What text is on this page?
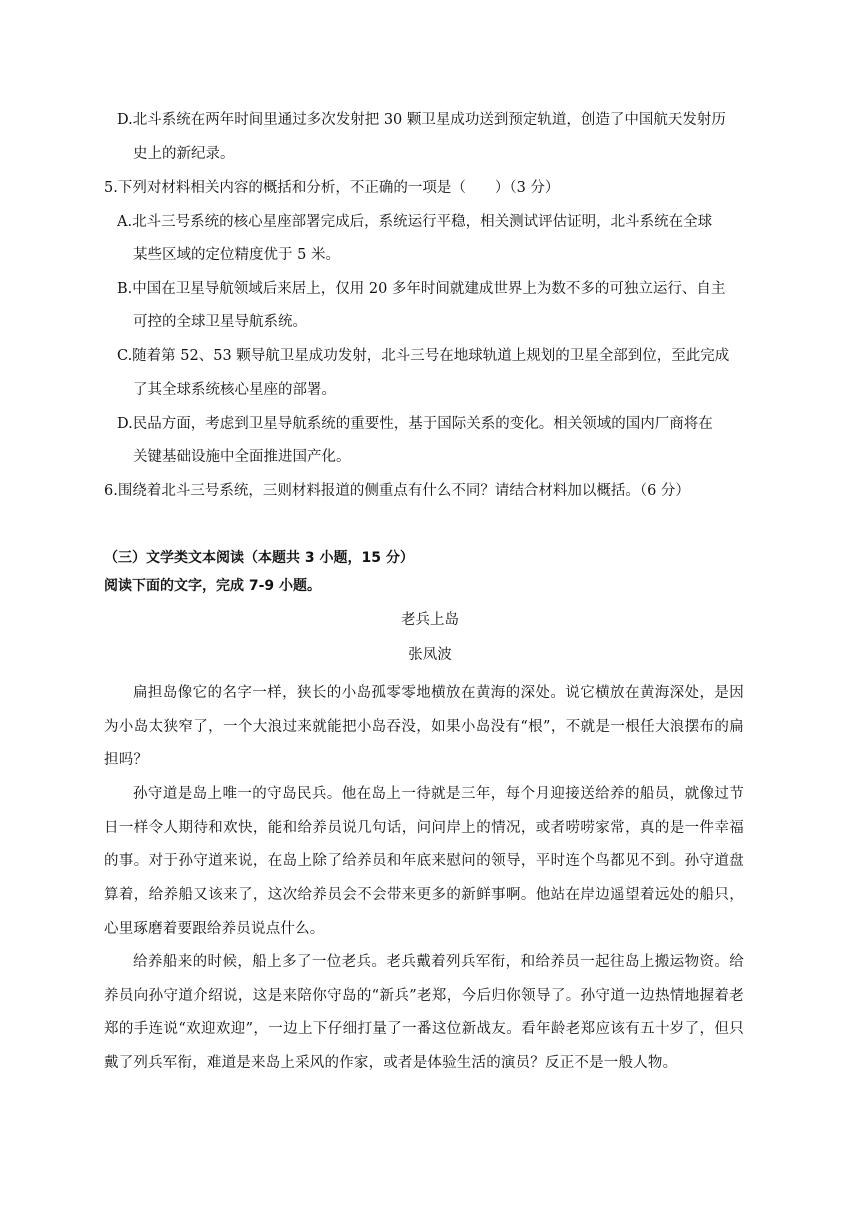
D.北斗系统在两年时间里通过多次发射把 30 颗卫星成功送到预定轨道，创造了中国航天发射历
史上的新纪录。
5.下列对材料相关内容的概括和分析，不正确的一项是（　　）（3 分）
A.北斗三号系统的核心星座部署完成后，系统运行平稳，相关测试评估证明，北斗系统在全球
某些区域的定位精度优于 5 米。
B.中国在卫星导航领域后来居上，仅用 20 多年时间就建成世界上为数不多的可独立运行、自主
可控的全球卫星导航系统。
C.随着第 52、53 颗导航卫星成功发射，北斗三号在地球轨道上规划的卫星全部到位，至此完成
了其全球系统核心星座的部署。
D.民品方面，考虑到卫星导航系统的重要性，基于国际关系的变化。相关领域的国内厂商将在
关键基础设施中全面推进国产化。
6.围绕着北斗三号系统，三则材料报道的侧重点有什么不同？请结合材料加以概括。（6 分）
（三）文学类文本阅读（本题共 3 小题，15 分）
阅读下面的文字，完成 7-9 小题。
老兵上岛
张凤波
扁担岛像它的名字一样，狭长的小岛孤零零地横放在黄海的深处。说它横放在黄海深处，是因为小岛太狭窄了，一个大浪过来就能把小岛吞没，如果小岛没有“根”，不就是一根任大浪摆布的扁担吗？
孙守道是岛上唯一的守岛民兵。他在岛上一待就是三年，每个月迎接送给养的船员，就像过节日一样令人期待和欢快，能和给养员说几句话，问问岸上的情况，或者唠唠家常，真的是一件幸福的事。对于孙守道来说，在岛上除了给养员和年底来慰问的领导，平时连个鸟都见不到。孙守道盘算着，给养船又该来了，这次给养员会不会带来更多的新鲜事啊。他站在岸边遥望着远处的船只，心里琢磨着要跟给养员说点什么。
给养船来的时候，船上多了一位老兵。老兵戴着列兵军衔，和给养员一起往岛上搬运物资。给养员向孙守道介绍说，这是来陪你守岛的“新兵”老郑，今后归你领导了。孙守道一边热情地握着老郑的手连说“欢迎欢迎”，一边上下仔细打量了一番这位新战友。看年龄老郑应该有五十岁了，但只戴了列兵军衔，难道是来岛上采风的作家，或者是体验生活的演员？反正不是一般人物。
